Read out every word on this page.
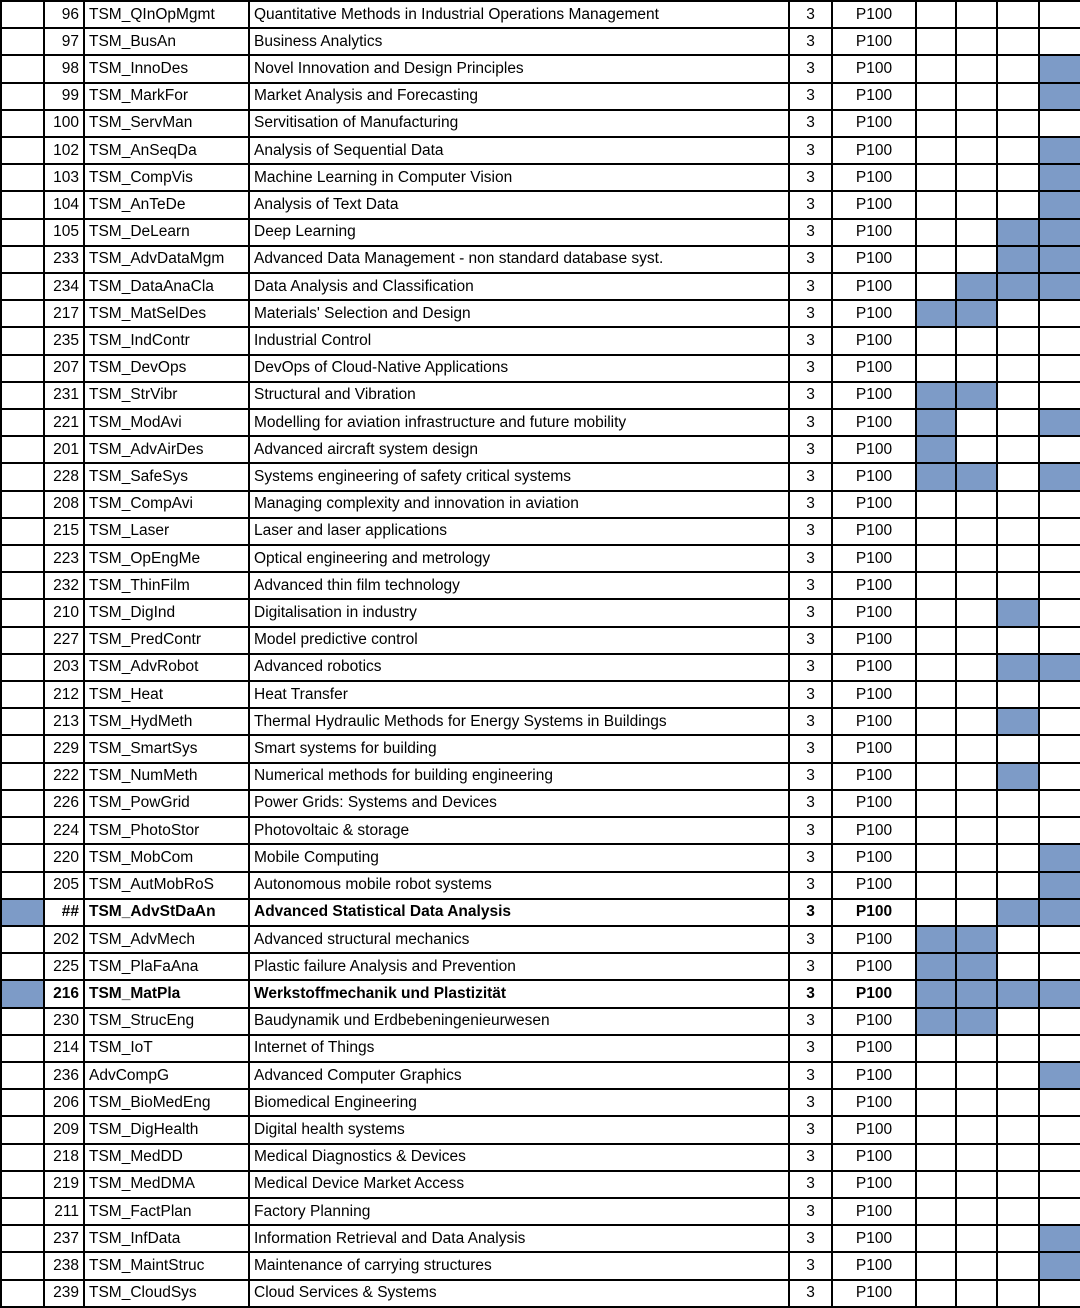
	96	TSM_QInOpMgmt	Quantitative Methods in Industrial Operations Management	3	P100				
	97	TSM_BusAn	Business Analytics	3	P100				
	98	TSM_InnoDes	Novel Innovation and Design Principles	3	P100				
	99	TSM_MarkFor	Market Analysis and Forecasting	3	P100				
	100	TSM_ServMan	Servitisation of Manufacturing	3	P100				
	102	TSM_AnSeqDa	Analysis of Sequential Data	3	P100				
	103	TSM_CompVis	Machine Learning in Computer Vision	3	P100				
	104	TSM_AnTeDe	Analysis of Text Data	3	P100				
	105	TSM_DeLearn	Deep Learning	3	P100				
	233	TSM_AdvDataMgm	Advanced Data Management - non standard database syst.	3	P100				
	234	TSM_DataAnaCla	Data Analysis and Classification	3	P100				
	217	TSM_MatSelDes	Materials' Selection and Design	3	P100				
	235	TSM_IndContr	Industrial Control	3	P100				
	207	TSM_DevOps	DevOps of Cloud-Native Applications	3	P100				
	231	TSM_StrVibr	Structural and Vibration	3	P100				
	221	TSM_ModAvi	Modelling for aviation infrastructure and future mobility	3	P100				
	201	TSM_AdvAirDes	Advanced aircraft system design	3	P100				
	228	TSM_SafeSys	Systems engineering of safety critical systems	3	P100				
	208	TSM_CompAvi	Managing complexity and innovation in aviation	3	P100				
	215	TSM_Laser	Laser and laser applications	3	P100				
	223	TSM_OpEngMe	Optical engineering and metrology	3	P100				
	232	TSM_ThinFilm	Advanced thin film technology	3	P100				
	210	TSM_DigInd	Digitalisation in industry	3	P100				
	227	TSM_PredContr	Model predictive control	3	P100				
	203	TSM_AdvRobot	Advanced robotics	3	P100				
	212	TSM_Heat	Heat Transfer	3	P100				
	213	TSM_HydMeth	Thermal Hydraulic Methods for Energy Systems in Buildings	3	P100				
	229	TSM_SmartSys	Smart systems for building	3	P100				
	222	TSM_NumMeth	Numerical methods for building engineering	3	P100				
	226	TSM_PowGrid	Power Grids: Systems and Devices	3	P100				
	224	TSM_PhotoStor	Photovoltaic & storage	3	P100				
	220	TSM_MobCom	Mobile Computing	3	P100				
	205	TSM_AutMobRoS	Autonomous mobile robot systems	3	P100				
	##	TSM_AdvStDaAn	Advanced Statistical Data Analysis	3	P100				
	202	TSM_AdvMech	Advanced structural mechanics	3	P100				
	225	TSM_PlaFaAna	Plastic failure Analysis and Prevention	3	P100				
	216	TSM_MatPla	Werkstoffmechanik und Plastizität	3	P100				
	230	TSM_StrucEng	Baudynamik und Erdbebeningenieurwesen	3	P100				
	214	TSM_IoT	Internet of Things	3	P100				
	236	AdvCompG	Advanced Computer Graphics	3	P100				
	206	TSM_BioMedEng	Biomedical Engineering	3	P100				
	209	TSM_DigHealth	Digital health systems	3	P100				
	218	TSM_MedDD	Medical Diagnostics & Devices	3	P100				
	219	TSM_MedDMA	Medical Device Market Access	3	P100				
	211	TSM_FactPlan	Factory Planning	3	P100				
	237	TSM_InfData	Information Retrieval and Data Analysis	3	P100				
	238	TSM_MaintStruc	Maintenance of carrying structures	3	P100				
	239	TSM_CloudSys	Cloud Services & Systems	3	P100				
